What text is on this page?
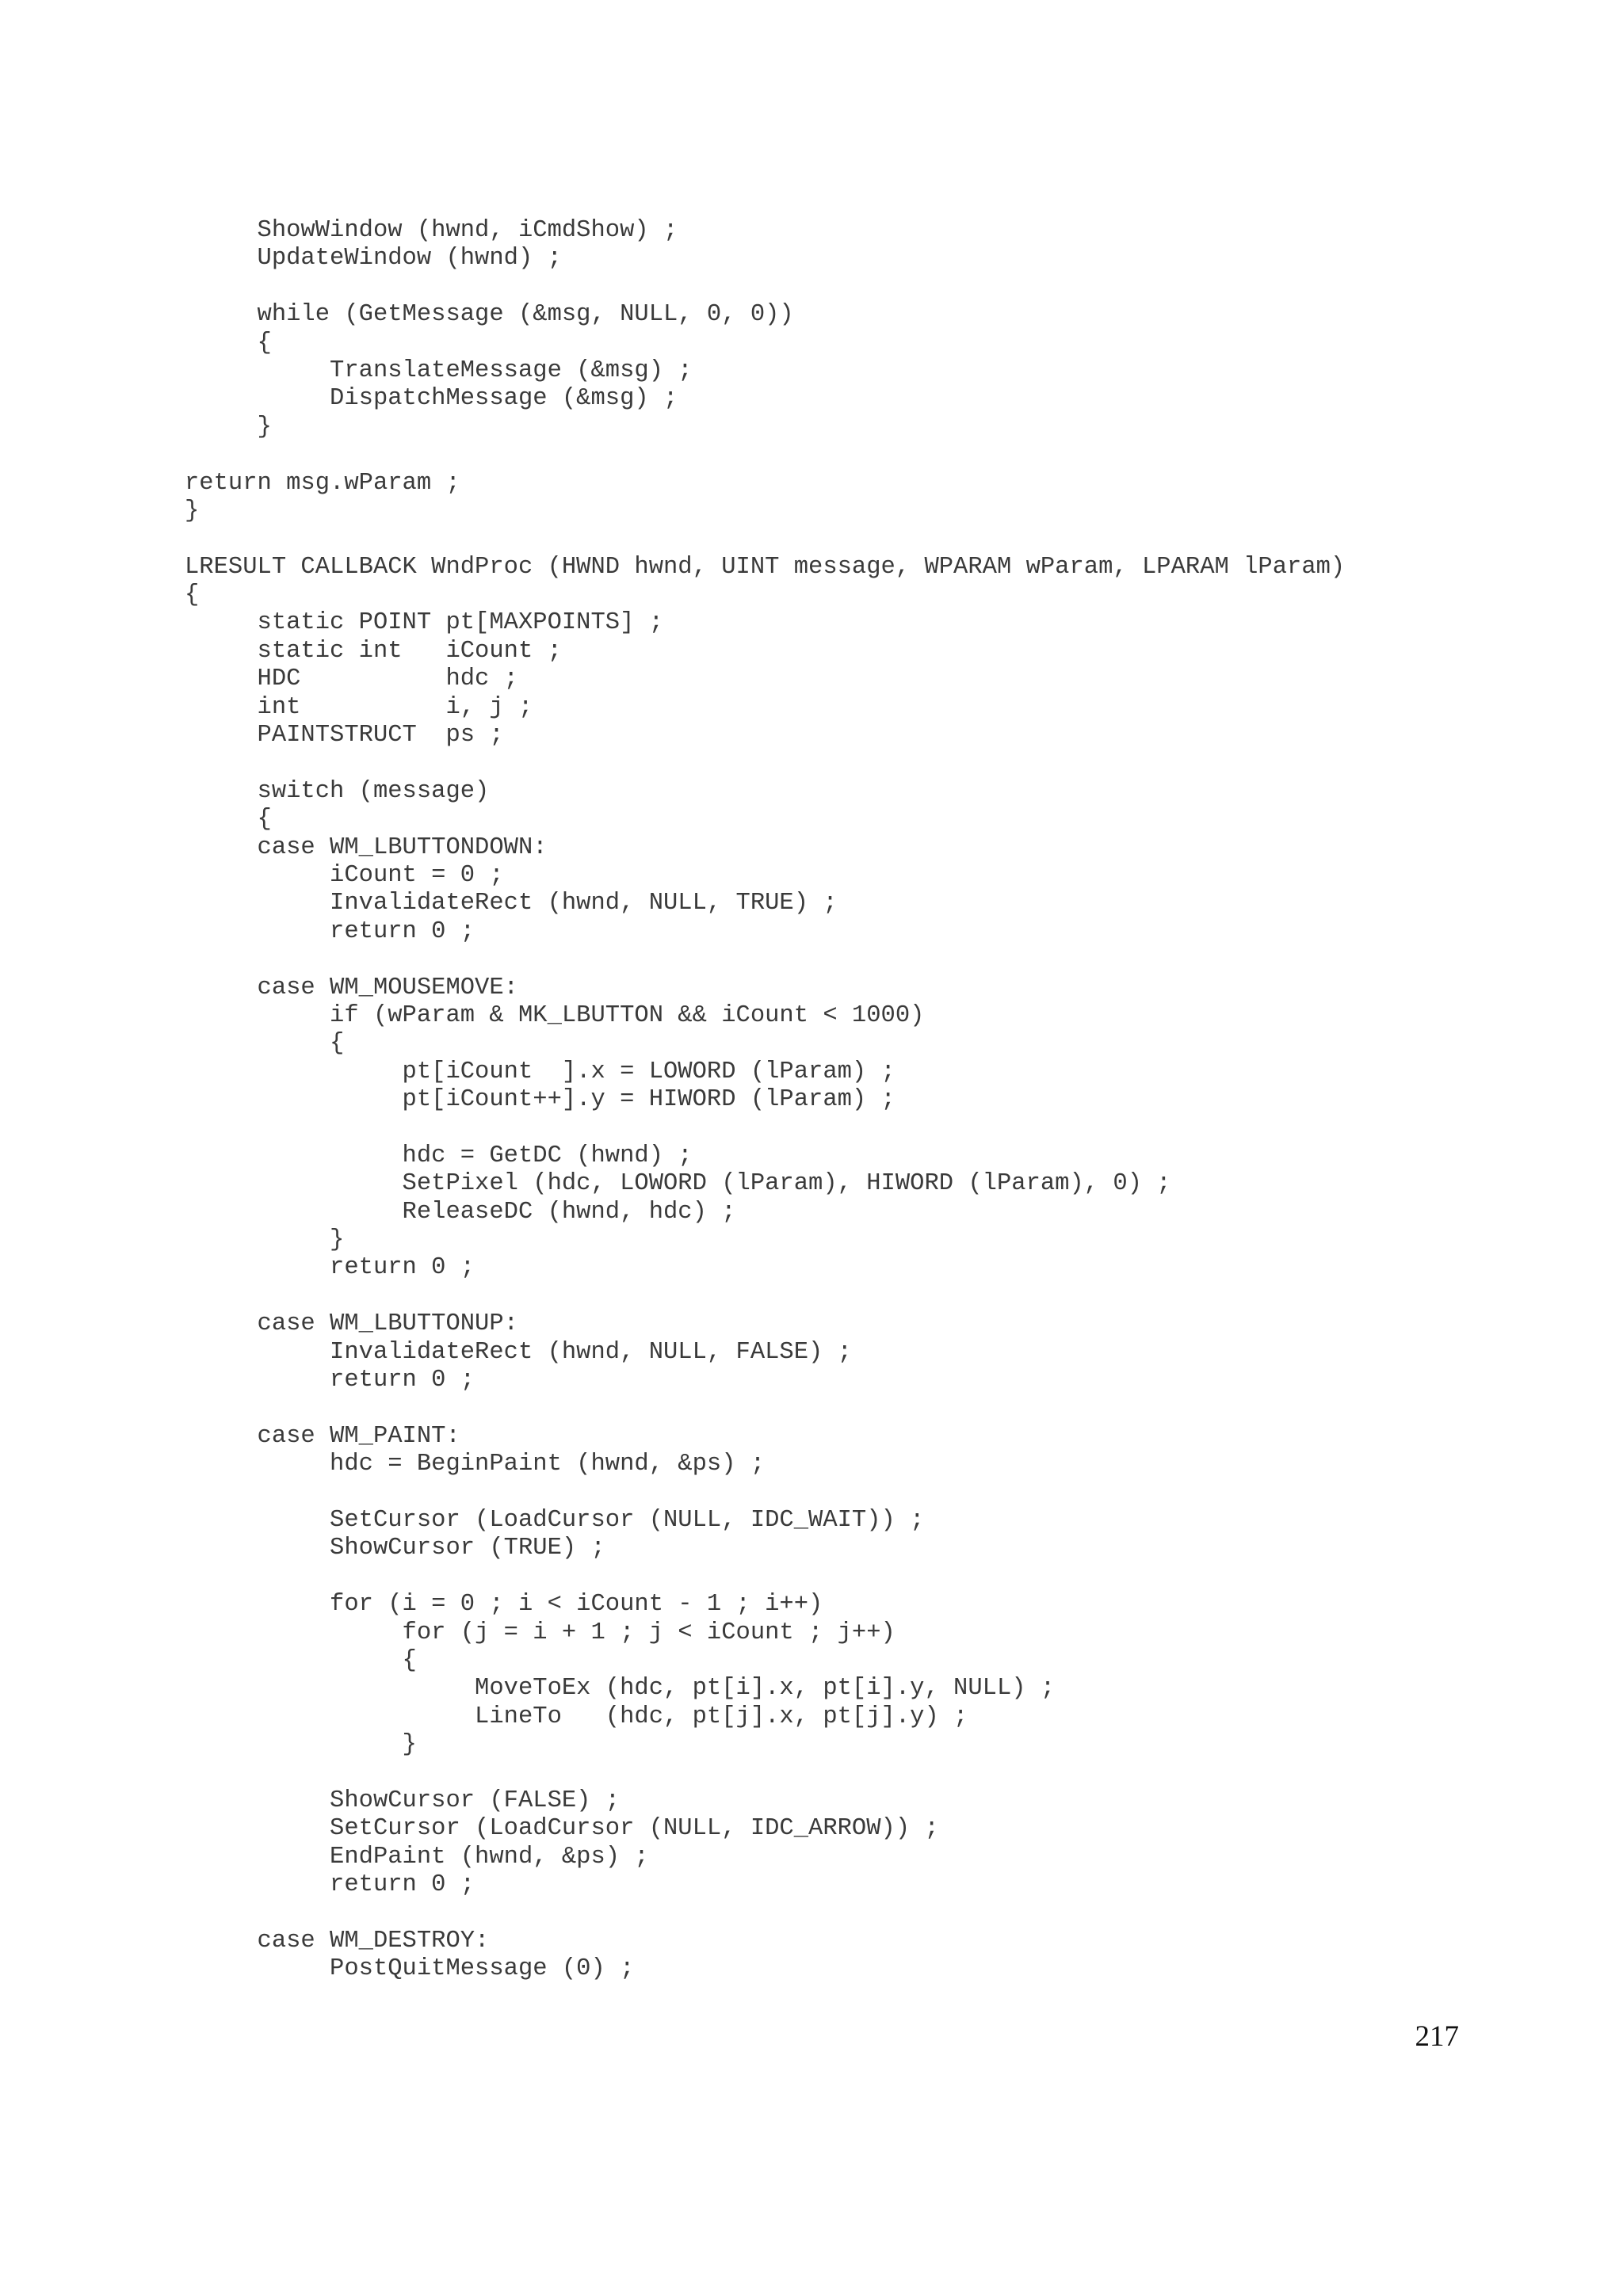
ShowWindow (hwnd, iCmdShow) ;
UpdateWindow (hwnd) ;
while (GetMessage (&msg, NULL, 0, 0))
{
TranslateMessage (&msg) ;
DispatchMessage (&msg) ;
}
return msg.wParam ;
}
LRESULT CALLBACK WndProc (HWND hwnd, UINT message, WPARAM wParam, LPARAM lParam)
{
static POINT pt[MAXPOINTS] ;
static int   iCount ;
HDC          hdc ;
int          i, j ;
PAINTSTRUCT  ps ;
switch (message)
{
case WM_LBUTTONDOWN:
iCount = 0 ;
InvalidateRect (hwnd, NULL, TRUE) ;
return 0 ;
case WM_MOUSEMOVE:
if (wParam & MK_LBUTTON && iCount < 1000)
{
pt[iCount  ].x = LOWORD (lParam) ;
pt[iCount++].y = HIWORD (lParam) ;
hdc = GetDC (hwnd) ;
SetPixel (hdc, LOWORD (lParam), HIWORD (lParam), 0) ;
ReleaseDC (hwnd, hdc) ;
}
return 0 ;
case WM_LBUTTONUP:
InvalidateRect (hwnd, NULL, FALSE) ;
return 0 ;
case WM_PAINT:
hdc = BeginPaint (hwnd, &ps) ;
SetCursor (LoadCursor (NULL, IDC_WAIT)) ;
ShowCursor (TRUE) ;
for (i = 0 ; i < iCount - 1 ; i++)
for (j = i + 1 ; j < iCount ; j++)
{
MoveToEx (hdc, pt[i].x, pt[i].y, NULL) ;
LineTo   (hdc, pt[j].x, pt[j].y) ;
}
ShowCursor (FALSE) ;
SetCursor (LoadCursor (NULL, IDC_ARROW)) ;
EndPaint (hwnd, &ps) ;
return 0 ;
case WM_DESTROY:
PostQuitMessage (0) ;
217
